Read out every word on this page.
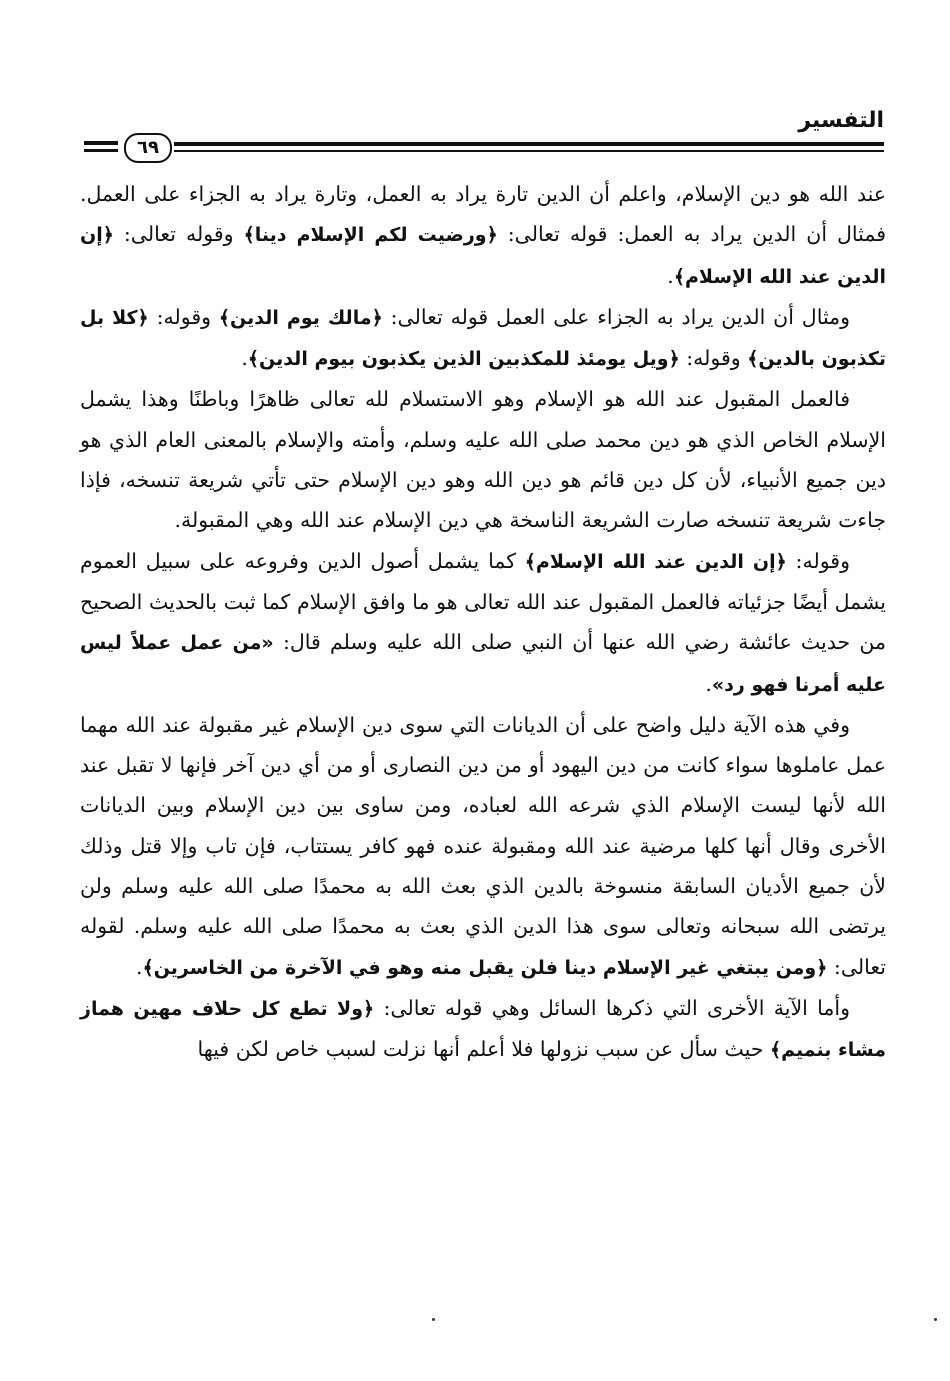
التفسير
٦٩

عند الله هو دين الإسلام، واعلم أن الدين تارة يراد به العمل، وتارة يراد به الجزاء على العمل. فمثال أن الدين يراد به العمل: قوله تعالى: ﴿ورضيت لكم الإسلام دينا﴾ وقوله تعالى: ﴿إن الدين عند الله الإسلام﴾.

ومثال أن الدين يراد به الجزاء على العمل قوله تعالى: ﴿مالك يوم الدين﴾ وقوله: ﴿كلا بل تكذبون بالدين﴾ وقوله: ﴿ويل يومئذ للمكذبين الذين يكذبون بيوم الدين﴾.

فالعمل المقبول عند الله هو الإسلام وهو الاستسلام لله تعالى ظاهرًا وباطنًا وهذا يشمل الإسلام الخاص الذي هو دين محمد صلى الله عليه وسلم، وأمته والإسلام بالمعنى العام الذي هو دين جميع الأنبياء، لأن كل دين قائم هو دين الله وهو دين الإسلام حتى تأتي شريعة تنسخه، فإذا جاءت شريعة تنسخه صارت الشريعة الناسخة هي دين الإسلام عند الله وهي المقبولة.

وقوله: ﴿إن الدين عند الله الإسلام﴾ كما يشمل أصول الدين وفروعه على سبيل العموم يشمل أيضًا جزئياته فالعمل المقبول عند الله تعالى هو ما وافق الإسلام كما ثبت بالحديث الصحيح من حديث عائشة رضي الله عنها أن النبي صلى الله عليه وسلم قال: «من عمل عملاً ليس عليه أمرنا فهو رد».

وفي هذه الآية دليل واضح على أن الديانات التي سوى دين الإسلام غير مقبولة عند الله مهما عمل عاملوها سواء كانت من دين اليهود أو من دين النصارى أو من أي دين آخر فإنها لا تقبل عند الله لأنها ليست الإسلام الذي شرعه الله لعباده، ومن ساوى بين دين الإسلام وبين الديانات الأخرى وقال أنها كلها مرضية عند الله ومقبولة عنده فهو كافر يستتاب، فإن تاب وإلا قتل وذلك لأن جميع الأديان السابقة منسوخة بالدين الذي بعث الله به محمدًا صلى الله عليه وسلم ولن يرتضى الله سبحانه وتعالى سوى هذا الدين الذي بعث به محمدًا صلى الله عليه وسلم. لقوله تعالى: ﴿ومن يبتغي غير الإسلام دينا فلن يقبل منه وهو في الآخرة من الخاسرين﴾.

وأما الآية الأخرى التي ذكرها السائل وهي قوله تعالى: ﴿ولا تطع كل حلاف مهين هماز مشاء بنميم﴾ حيث سأل عن سبب نزولها فلا أعلم أنها نزلت لسبب خاص لكن فيها
